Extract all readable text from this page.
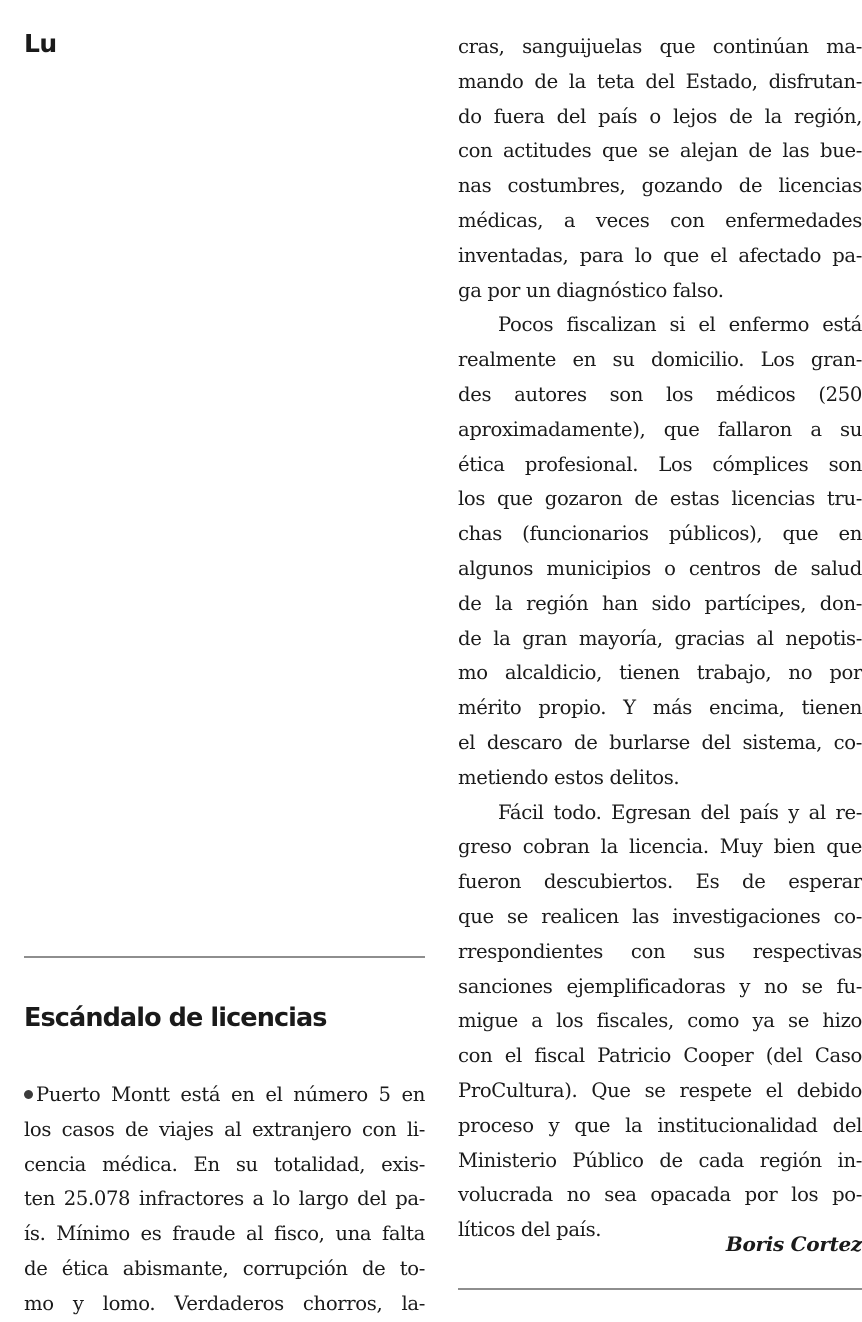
Lu
Escándalo de licencias
Puerto Montt está en el número 5 en
los casos de viajes al extranjero con li-
cencia médica. En su totalidad, exis-
ten 25.078 infractores a lo largo del pa-
ís. Mínimo es fraude al fisco, una falta
de ética abismante, corrupción de to-
mo y lomo. Verdaderos chorros, la-
cras, sanguijuelas que continúan ma-
mando de la teta del Estado, disfrutan-
do fuera del país o lejos de la región,
con actitudes que se alejan de las bue-
nas costumbres, gozando de licencias
médicas, a veces con enfermedades
inventadas, para lo que el afectado pa-
ga por un diagnóstico falso.
Pocos fiscalizan si el enfermo está
realmente en su domicilio. Los gran-
des autores son los médicos (250
aproximadamente), que fallaron a su
ética profesional. Los cómplices son
los que gozaron de estas licencias tru-
chas (funcionarios públicos), que en
algunos municipios o centros de salud
de la región han sido partícipes, don-
de la gran mayoría, gracias al nepotis-
mo alcaldicio, tienen trabajo, no por
mérito propio. Y más encima, tienen
el descaro de burlarse del sistema, co-
metiendo estos delitos.
Fácil todo. Egresan del país y al re-
greso cobran la licencia. Muy bien que
fueron descubiertos. Es de esperar
que se realicen las investigaciones co-
rrespondientes con sus respectivas
sanciones ejemplificadoras y no se fu-
migue a los fiscales, como ya se hizo
con el fiscal Patricio Cooper (del Caso
ProCultura). Que se respete el debido
proceso y que la institucionalidad del
Ministerio Público de cada región in-
volucrada no sea opacada por los po-
líticos del país.
Boris Cortez
